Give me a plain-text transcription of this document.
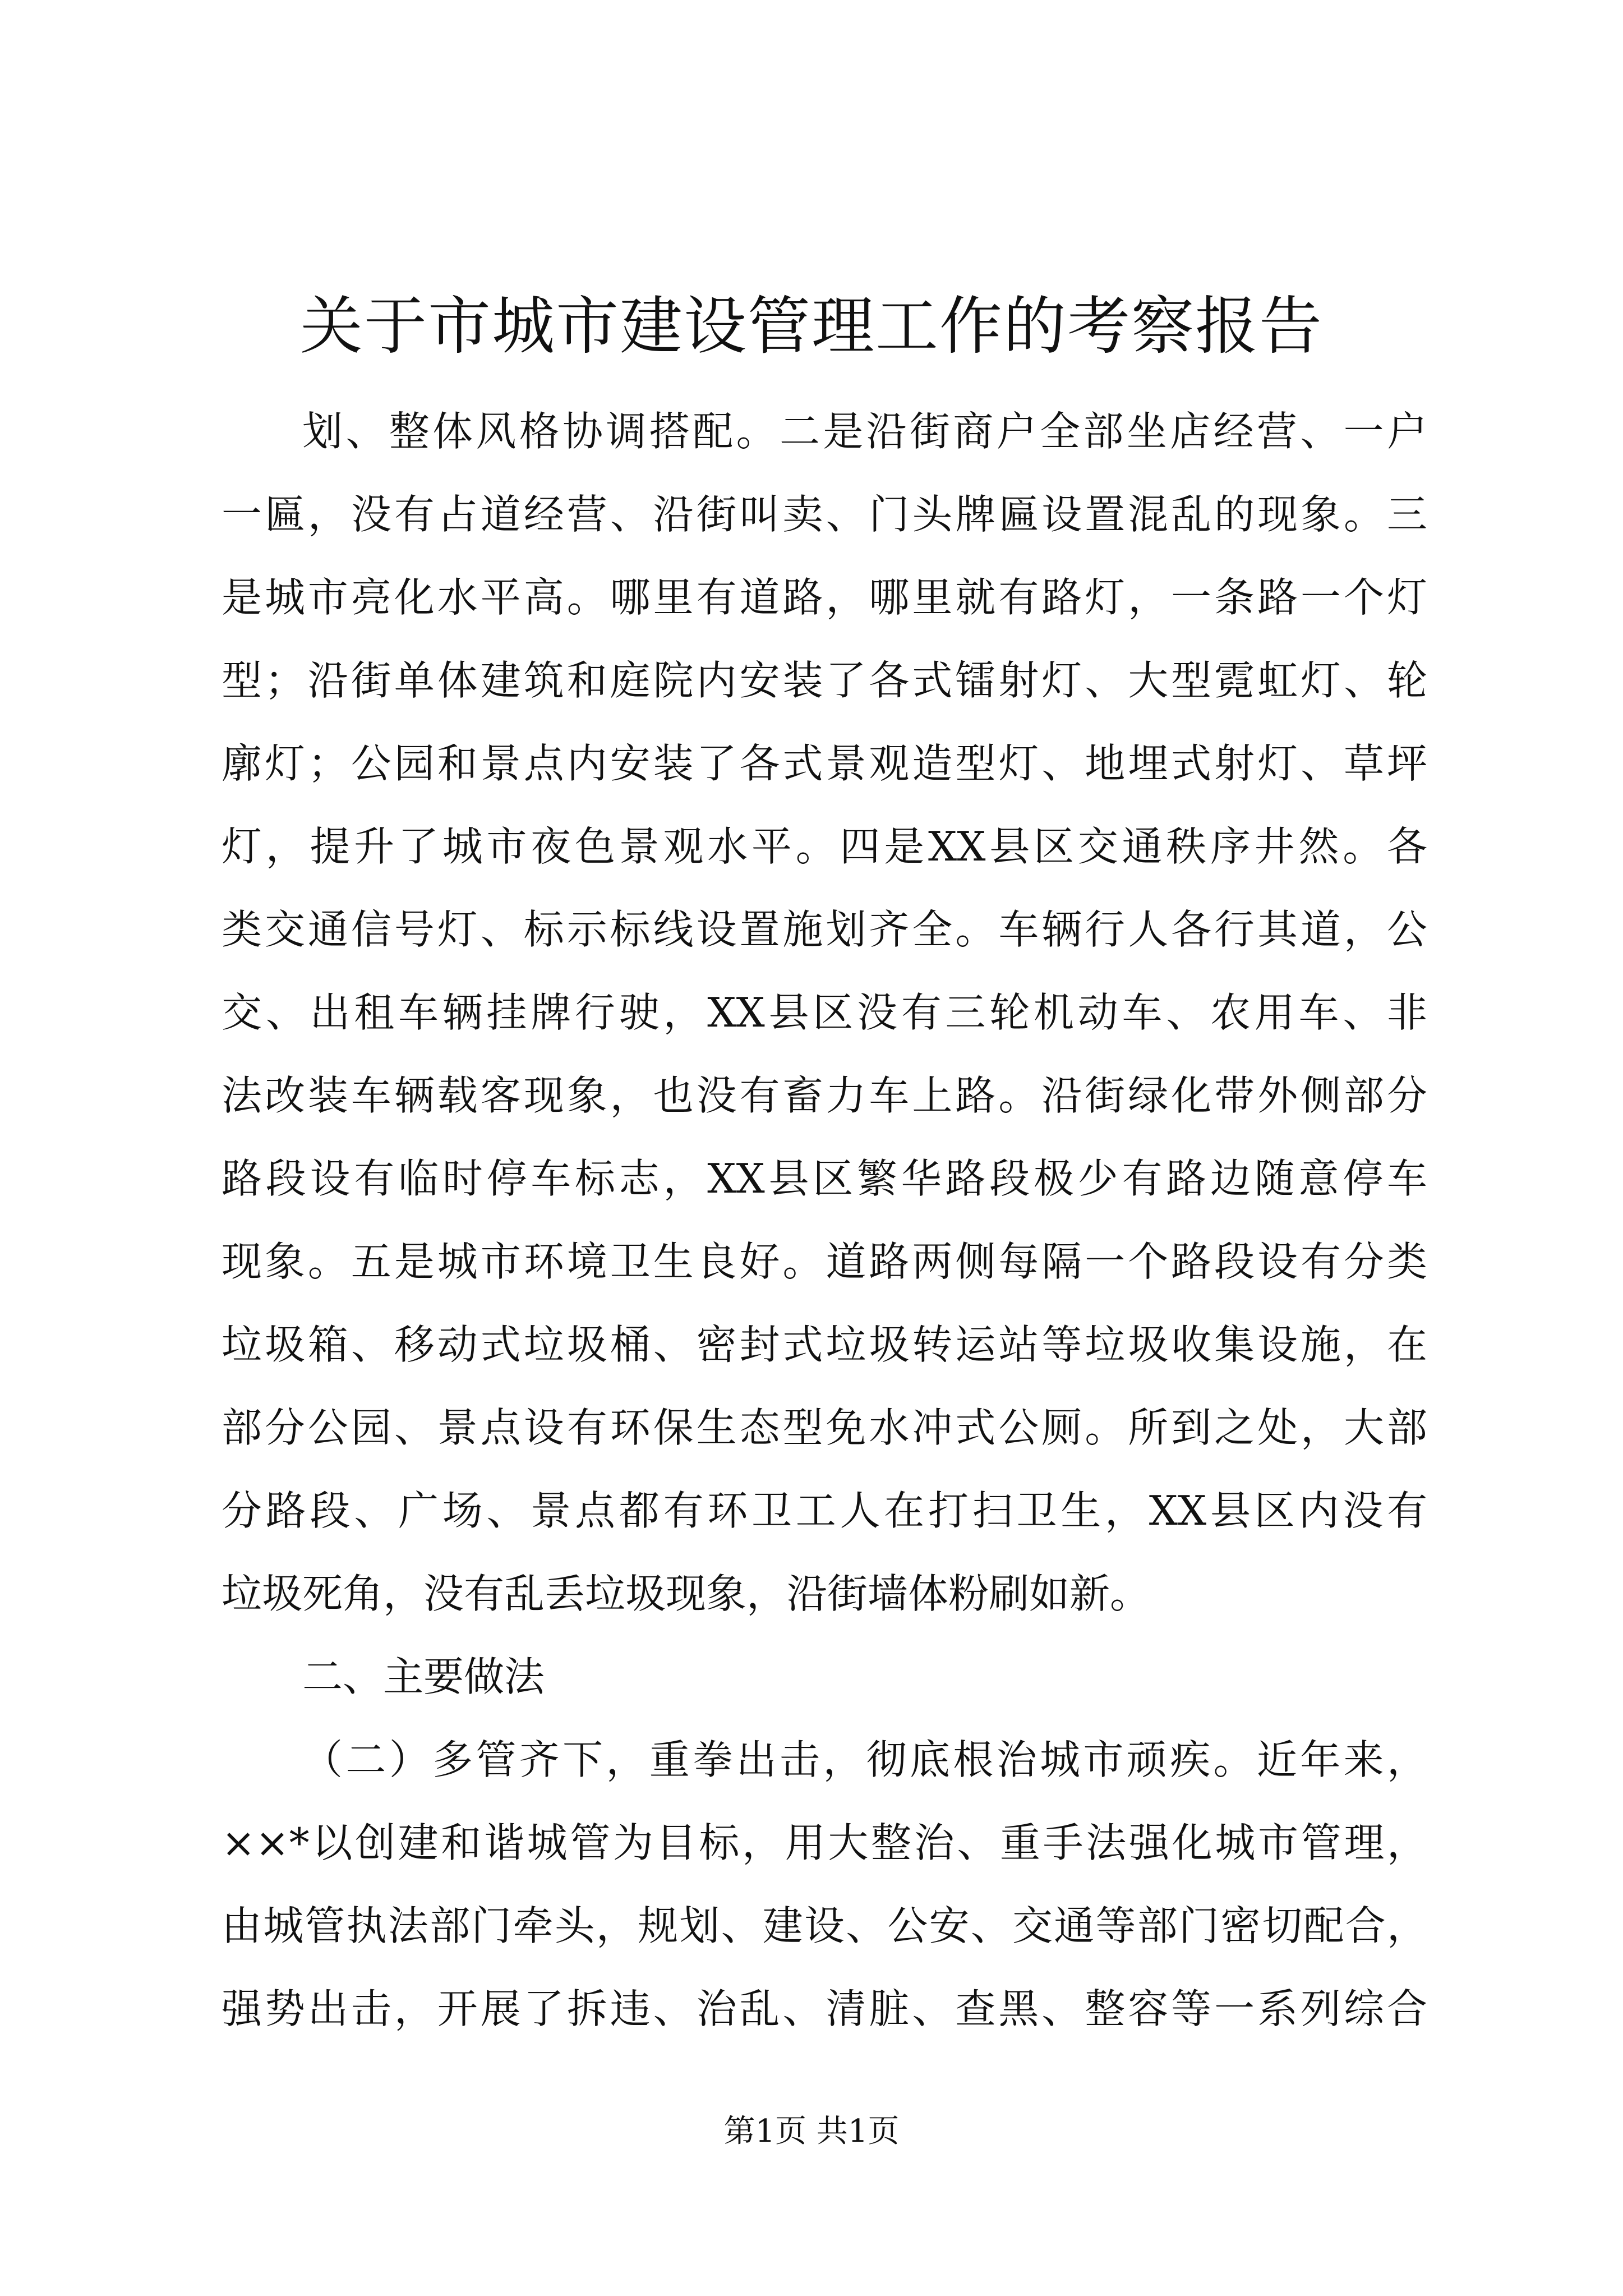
关于市城市建设管理工作的考察报告
划、整体风格协调搭配。二是沿街商户全部坐店经营、一户
一匾，没有占道经营、沿街叫卖、门头牌匾设置混乱的现象。三
是城市亮化水平高。哪里有道路，哪里就有路灯，一条路一个灯
型；沿街单体建筑和庭院内安装了各式镭射灯、大型霓虹灯、轮
廓灯；公园和景点内安装了各式景观造型灯、地埋式射灯、草坪
灯，提升了城市夜色景观水平。四是XX县区交通秩序井然。各
类交通信号灯、标示标线设置施划齐全。车辆行人各行其道，公
交、出租车辆挂牌行驶，XX县区没有三轮机动车、农用车、非
法改装车辆载客现象，也没有畜力车上路。沿街绿化带外侧部分
路段设有临时停车标志，XX县区繁华路段极少有路边随意停车
现象。五是城市环境卫生良好。道路两侧每隔一个路段设有分类
垃圾箱、移动式垃圾桶、密封式垃圾转运站等垃圾收集设施，在
部分公园、景点设有环保生态型免水冲式公厕。所到之处，大部
分路段、广场、景点都有环卫工人在打扫卫生，XX县区内没有
垃圾死角，没有乱丢垃圾现象，沿街墙体粉刷如新。
二、主要做法
（二）多管齐下，重拳出击，彻底根治城市顽疾。近年来，
××*以创建和谐城管为目标，用大整治、重手法强化城市管理，
由城管执法部门牵头，规划、建设、公安、交通等部门密切配合，
强势出击，开展了拆违、治乱、清脏、查黑、整容等一系列综合
第1页 共1页
